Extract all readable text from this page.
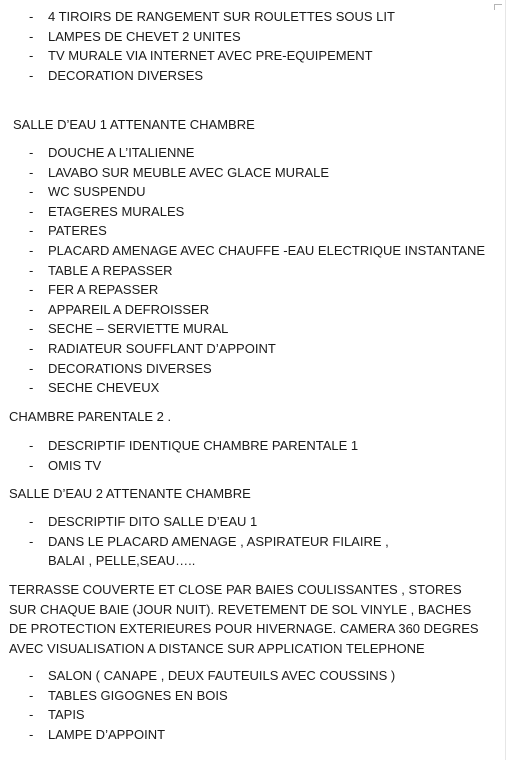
- 4 TIROIRS DE RANGEMENT SUR ROULETTES SOUS LIT
- LAMPES DE CHEVET 2 UNITES
- TV MURALE VIA INTERNET AVEC PRE-EQUIPEMENT
- DECORATION DIVERSES
SALLE D’EAU 1 ATTENANTE CHAMBRE
- DOUCHE A L’ITALIENNE
- LAVABO SUR MEUBLE AVEC GLACE MURALE
- WC SUSPENDU
- ETAGERES MURALES
- PATERES
- PLACARD AMENAGE AVEC CHAUFFE -EAU ELECTRIQUE INSTANTANE
- TABLE A REPASSER
- FER A REPASSER
- APPAREIL A DEFROISSER
- SECHE – SERVIETTE MURAL
- RADIATEUR SOUFFLANT D’APPOINT
- DECORATIONS DIVERSES
- SECHE CHEVEUX
CHAMBRE PARENTALE 2 .
- DESCRIPTIF IDENTIQUE CHAMBRE PARENTALE 1
- OMIS TV
SALLE D’EAU 2 ATTENANTE CHAMBRE
- DESCRIPTIF DITO SALLE D’EAU 1
- DANS LE PLACARD AMENAGE , ASPIRATEUR FILAIRE , BALAI , PELLE,SEAU…..
TERRASSE COUVERTE ET CLOSE PAR BAIES COULISSANTES , STORES SUR CHAQUE BAIE (JOUR NUIT). REVETEMENT DE SOL VINYLE , BACHES DE PROTECTION EXTERIEURES POUR HIVERNAGE. CAMERA 360 DEGRES AVEC VISUALISATION A DISTANCE SUR APPLICATION TELEPHONE
- SALON ( CANAPE , DEUX FAUTEUILS AVEC COUSSINS )
- TABLES GIGOGNES EN BOIS
- TAPIS
- LAMPE D’APPOINT
